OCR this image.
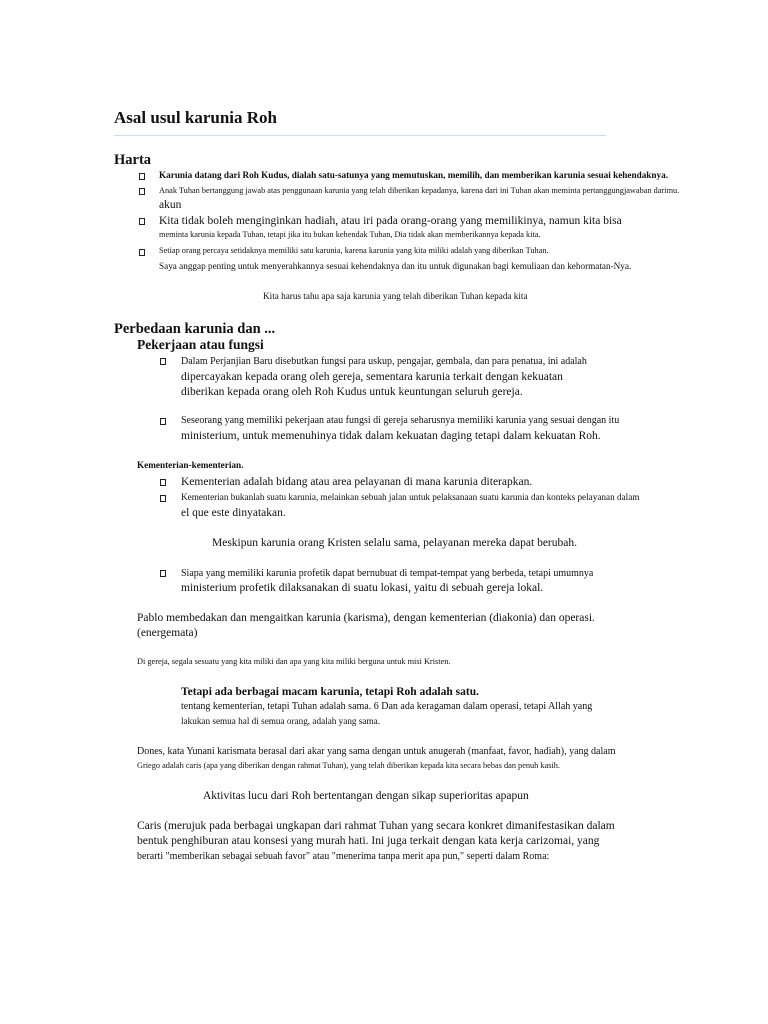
Asal usul karunia Roh
Harta
Karunia datang dari Roh Kudus, dialah satu-satunya yang memutuskan, memilih, dan memberikan karunia sesuai kehendaknya.
Anak Tuhan bertanggung jawab atas penggunaan karunia yang telah diberikan kepadanya, karena dari ini Tuhan akan meminta pertanggungjawaban darimu.
akun
Kita tidak boleh menginginkan hadiah, atau iri pada orang-orang yang memilikinya, namun kita bisa
meminta karunia kepada Tuhan, tetapi jika itu bukan kehendak Tuhan, Dia tidak akan memberikannya kepada kita.
Setiap orang percaya setidaknya memiliki satu karunia, karena karunia yang kita miliki adalah yang diberikan Tuhan.
Saya anggap penting untuk menyerahkannya sesuai kehendaknya dan itu untuk digunakan bagi kemuliaan dan kehormatan-Nya.
Kita harus tahu apa saja karunia yang telah diberikan Tuhan kepada kita
Perbedaan karunia dan ...
Pekerjaan atau fungsi
Dalam Perjanjian Baru disebutkan fungsi para uskup, pengajar, gembala, dan para penatua, ini adalah
dipercayakan kepada orang oleh gereja, sementara karunia terkait dengan kekuatan
diberikan kepada orang oleh Roh Kudus untuk keuntungan seluruh gereja.
Seseorang yang memiliki pekerjaan atau fungsi di gereja seharusnya memiliki karunia yang sesuai dengan itu
ministerium, untuk memenuhinya tidak dalam kekuatan daging tetapi dalam kekuatan Roh.
Kementerian-kementerian.
Kementerian adalah bidang atau area pelayanan di mana karunia diterapkan.
Kementerian bukanlah suatu karunia, melainkan sebuah jalan untuk pelaksanaan suatu karunia dan konteks pelayanan dalam
el que este dinyatakan.
Meskipun karunia orang Kristen selalu sama, pelayanan mereka dapat berubah.
Siapa yang memiliki karunia profetik dapat bernubuat di tempat-tempat yang berbeda, tetapi umumnya
ministerium profetik dilaksanakan di suatu lokasi, yaitu di sebuah gereja lokal.
Pablo membedakan dan mengaitkan karunia (karisma), dengan kementerian (diakonia) dan operasi.
(energemata)
Di gereja, segala sesuatu yang kita miliki dan apa yang kita miliki berguna untuk misi Kristen.
Tetapi ada berbagai macam karunia, tetapi Roh adalah satu.
tentang kementerian, tetapi Tuhan adalah sama. 6 Dan ada keragaman dalam operasi, tetapi Allah yang
lakukan semua hal di semua orang, adalah yang sama.
Dones, kata Yunani karismata berasal dari akar yang sama dengan untuk anugerah (manfaat, favor, hadiah), yang dalam
Griego adalah caris (apa yang diberikan dengan rahmat Tuhan), yang telah diberikan kepada kita secara bebas dan penuh kasih.
Aktivitas lucu dari Roh bertentangan dengan sikap superioritas apapun
Caris (merujuk pada berbagai ungkapan dari rahmat Tuhan yang secara konkret dimanifestasikan dalam
bentuk penghiburan atau konsesi yang murah hati. Ini juga terkait dengan kata kerja carizomai, yang
berarti "memberikan sebagai sebuah favor" atau "menerima tanpa merit apa pun," seperti dalam Roma:
